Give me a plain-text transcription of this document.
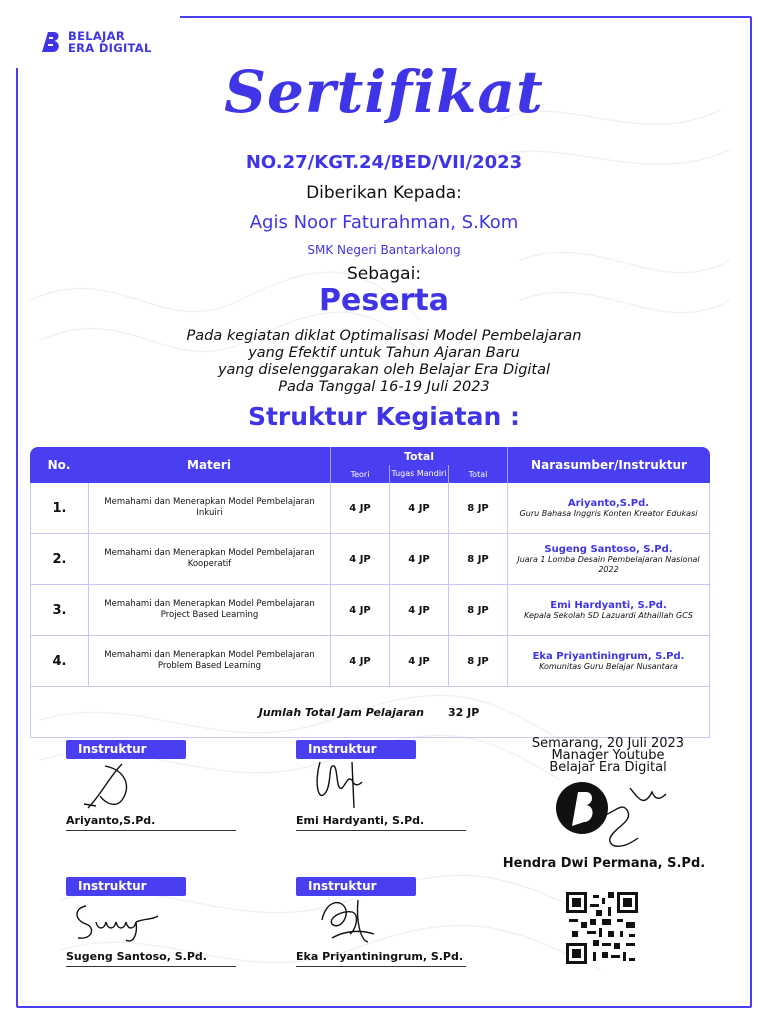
BELAJAR
ERA DIGITAL
Sertifikat
NO.27/KGT.24/BED/VII/2023
Diberikan Kepada:
Agis Noor Faturahman, S.Kom
SMK Negeri Bantarkalong
Sebagai:
Peserta
Pada kegiatan diklat Optimalisasi Model Pembelajaran
yang Efektif untuk Tahun Ajaran Baru
yang diselenggarakan oleh Belajar Era Digital
Pada Tanggal 16-19 Juli 2023
Struktur Kegiatan :
No.	Materi	Total			Narasumber/Instruktur
		Teori	Tugas Mandiri	Total	
1.	Memahami dan Menerapkan Model Pembelajaran Inkuiri	4 JP	4 JP	8 JP	Ariyanto,S.Pd.
Guru Bahasa Inggris Konten Kreator Edukasi

2.	Memahami dan Menerapkan Model Pembelajaran Kooperatif	4 JP	4 JP	8 JP	Sugeng Santoso, S.Pd.
Juara 1 Lomba Desain Pembelajaran Nasional 2022

3.	Memahami dan Menerapkan Model Pembelajaran Project Based Learning	4 JP	4 JP	8 JP	Emi Hardyanti, S.Pd.
Kepala Sekolah SD Lazuardi Athaillah GCS

4.	Memahami dan Menerapkan Model Pembelajaran Problem Based Learning	4 JP	4 JP	8 JP	Eka Priyantiningrum, S.Pd.
Komunitas Guru Belajar Nusantara

Jumlah Total Jam Pelajaran				32 JP	
Instruktur
Ariyanto,S.Pd.
Instruktur
Emi Hardyanti, S.Pd.
Instruktur
Sugeng Santoso, S.Pd.
Instruktur
Eka Priyantiningrum, S.Pd.
Semarang, 20 Juli 2023
Manager Youtube
Belajar Era Digital
Hendra Dwi Permana, S.Pd.
